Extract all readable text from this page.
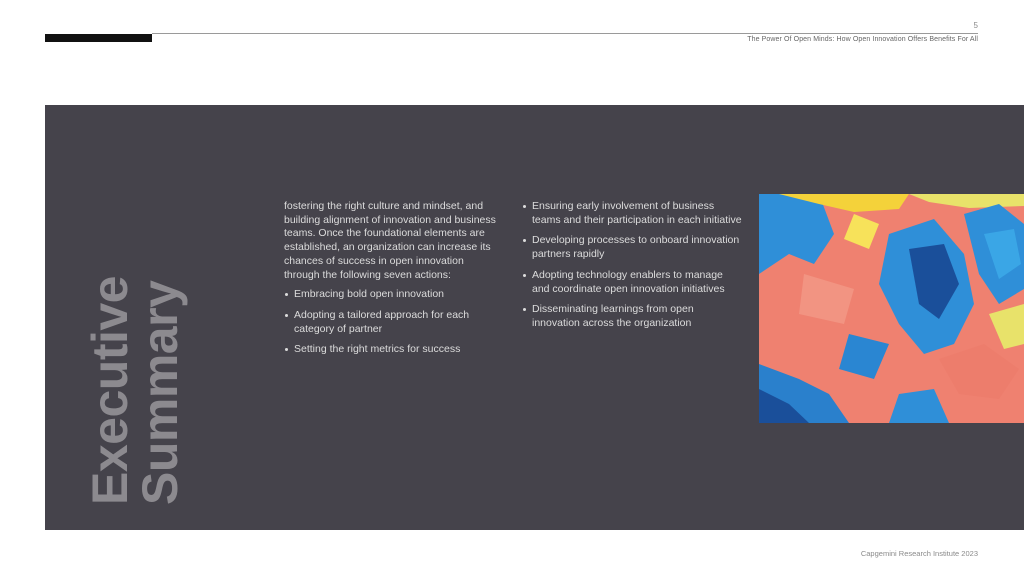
5
The Power Of Open Minds: How Open Innovation Offers Benefits For All
Executive
Summary

fostering the right culture and mindset, and building alignment of innovation and business teams. Once the foundational elements are established, an organization can increase its chances of success in open innovation through the following seven actions:

Embracing bold open innovation
Adopting a tailored approach for each category of partner
Setting the right metrics for success
Ensuring early involvement of business teams and their participation in each initiative
Developing processes to onboard innovation partners rapidly
Adopting technology enablers to manage and coordinate open innovation initiatives
Disseminating learnings from open innovation across the organization
Capgemini Research Institute 2023
